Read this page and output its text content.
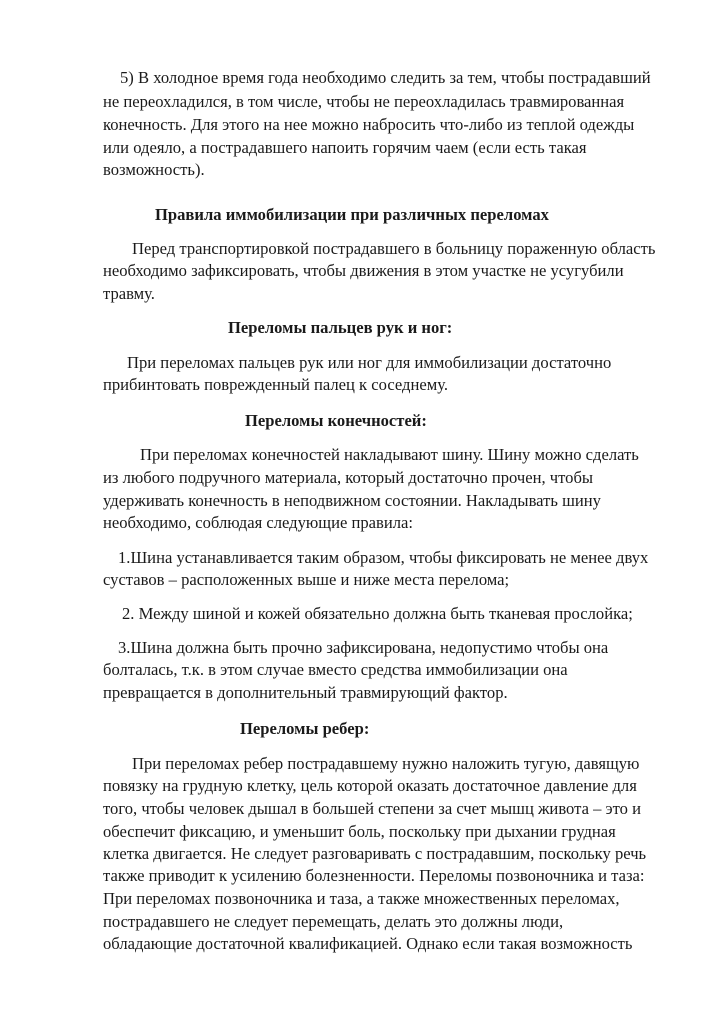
5) В холодное время года необходимо следить за тем, чтобы пострадавший
не переохладился, в том числе, чтобы не переохладилась травмированная
конечность. Для этого на нее можно набросить что-либо из теплой одежды
или одеяло, а пострадавшего напоить горячим чаем (если есть такая
возможность).
Правила иммобилизации при различных переломах
Перед транспортировкой пострадавшего в больницу пораженную область
необходимо зафиксировать, чтобы движения в этом участке не усугубили
травму.
Переломы пальцев рук и ног:
При переломах пальцев рук или ног для иммобилизации достаточно
прибинтовать поврежденный палец к соседнему.
Переломы конечностей:
При переломах конечностей накладывают шину. Шину можно сделать
из любого подручного материала, который достаточно прочен, чтобы
удерживать конечность в неподвижном состоянии. Накладывать шину
необходимо, соблюдая следующие правила:
1.Шина устанавливается таким образом, чтобы фиксировать не менее двух
суставов – расположенных выше и ниже места перелома;
2. Между шиной и кожей обязательно должна быть тканевая прослойка;
3.Шина должна быть прочно зафиксирована, недопустимо чтобы она
болталась, т.к. в этом случае вместо средства иммобилизации она
превращается в дополнительный травмирующий фактор.
Переломы ребер:
При переломах ребер пострадавшему нужно наложить тугую, давящую
повязку на грудную клетку, цель которой оказать достаточное давление для
того, чтобы человек дышал в большей степени за счет мышц живота – это и
обеспечит фиксацию, и уменьшит боль, поскольку при дыхании грудная
клетка двигается. Не следует разговаривать с пострадавшим, поскольку речь
также приводит к усилению болезненности. Переломы позвоночника и таза:
При переломах позвоночника и таза, а также множественных переломах,
пострадавшего не следует перемещать, делать это должны люди,
обладающие достаточной квалификацией. Однако если такая возможность
